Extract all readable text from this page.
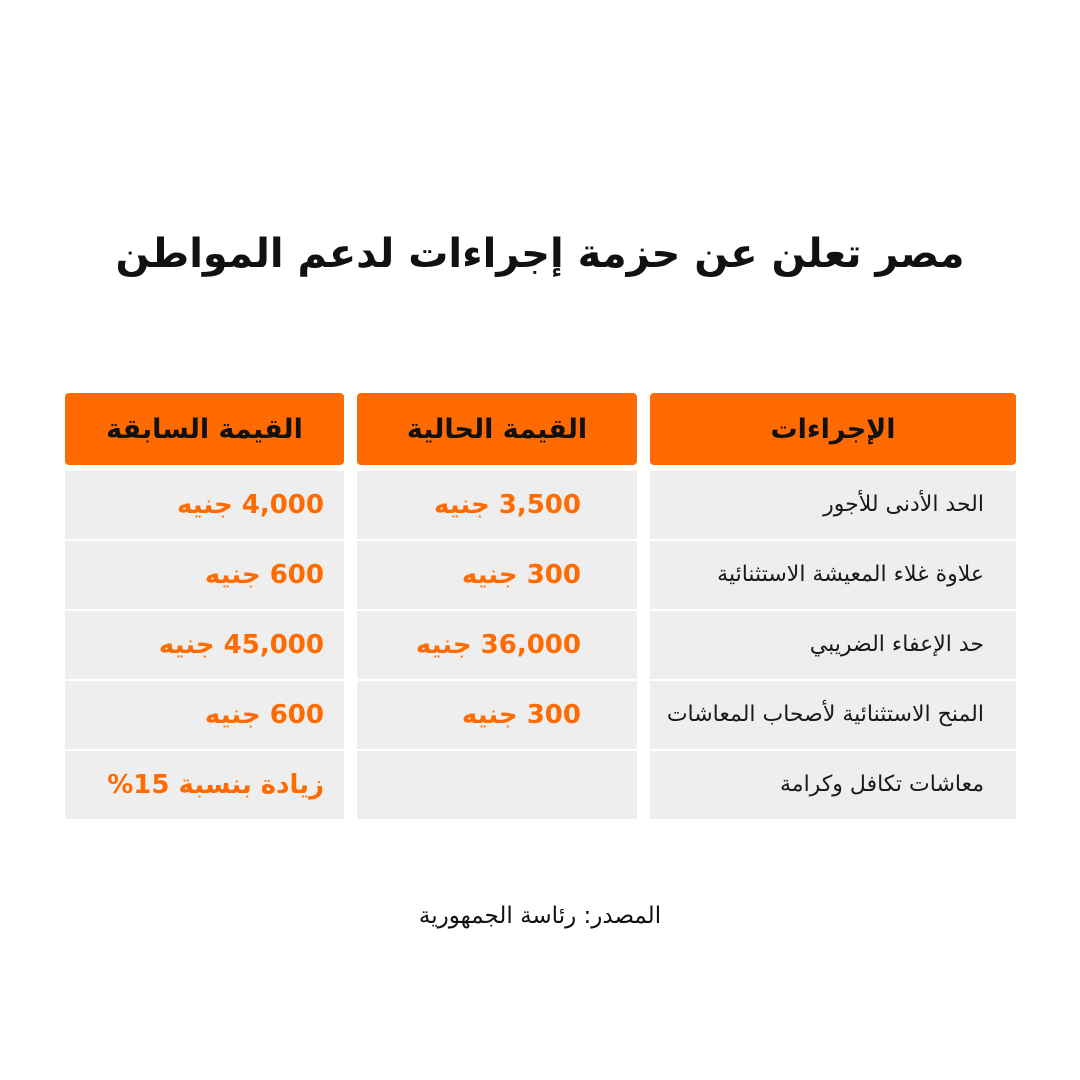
مصر تعلن عن حزمة إجراءات لدعم المواطن
الإجراءات
القيمة الحالية
القيمة السابقة
الحد الأدنى للأجور
3,500 جنيه
4,000 جنيه
علاوة غلاء المعيشة الاستثنائية
300 جنيه
600 جنيه
حد الإعفاء الضريبي
36,000 جنيه
45,000 جنيه
المنح الاستثنائية لأصحاب المعاشات
300 جنيه
600 جنيه
معاشات تكافل وكرامة
زيادة بنسبة 15%
المصدر: رئاسة الجمهورية
